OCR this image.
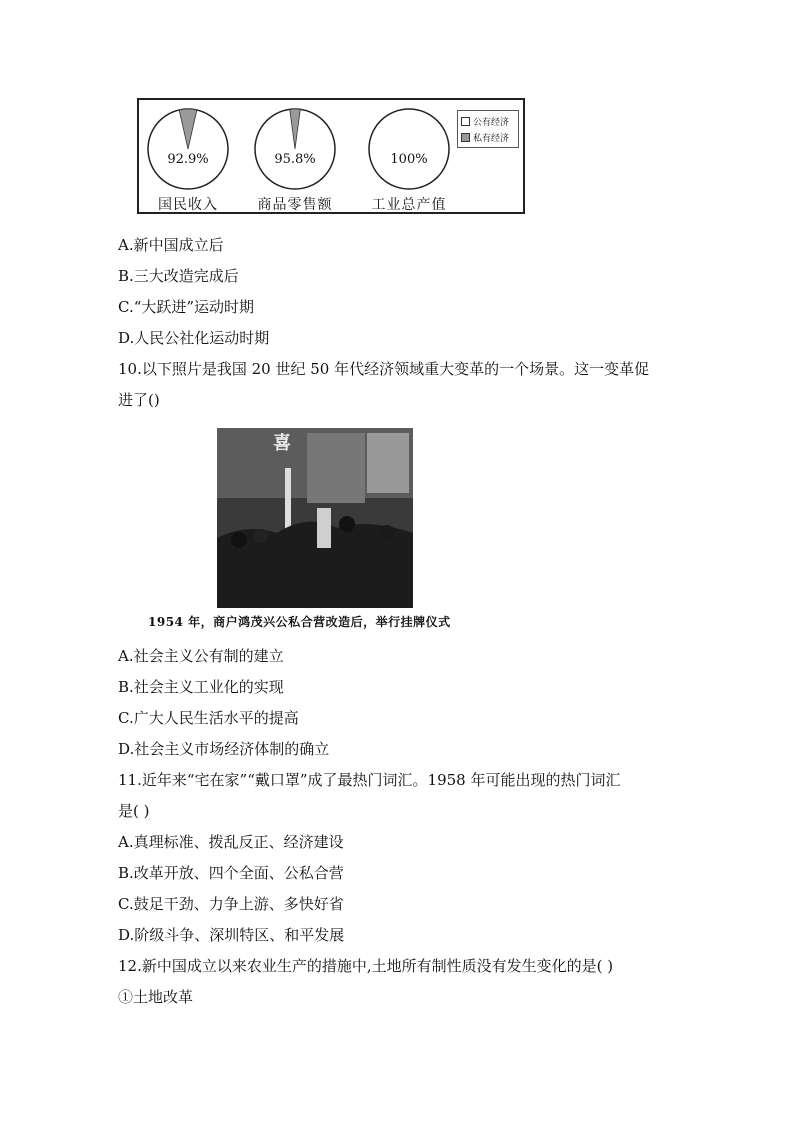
92.9%
国民收入
95.8%
商品零售额
100%
工业总产值
公有经济
私有经济
A.新中国成立后
B.三大改造完成后
C.“大跃进”运动时期
D.人民公社化运动时期
10.以下照片是我国 20 世纪 50 年代经济领域重大变革的一个场景。这一变革促
进了()
喜
1954 年，商户鸿茂兴公私合营改造后，举行挂牌仪式
A.社会主义公有制的建立
B.社会主义工业化的实现
C.广大人民生活水平的提高
D.社会主义市场经济体制的确立
11.近年来“宅在家”“戴口罩”成了最热门词汇。1958 年可能出现的热门词汇
是( )
A.真理标准、拨乱反正、经济建设
B.改革开放、四个全面、公私合营
C.鼓足干劲、力争上游、多快好省
D.阶级斗争、深圳特区、和平发展
12.新中国成立以来农业生产的措施中,土地所有制性质没有发生变化的是( )
①土地改革
